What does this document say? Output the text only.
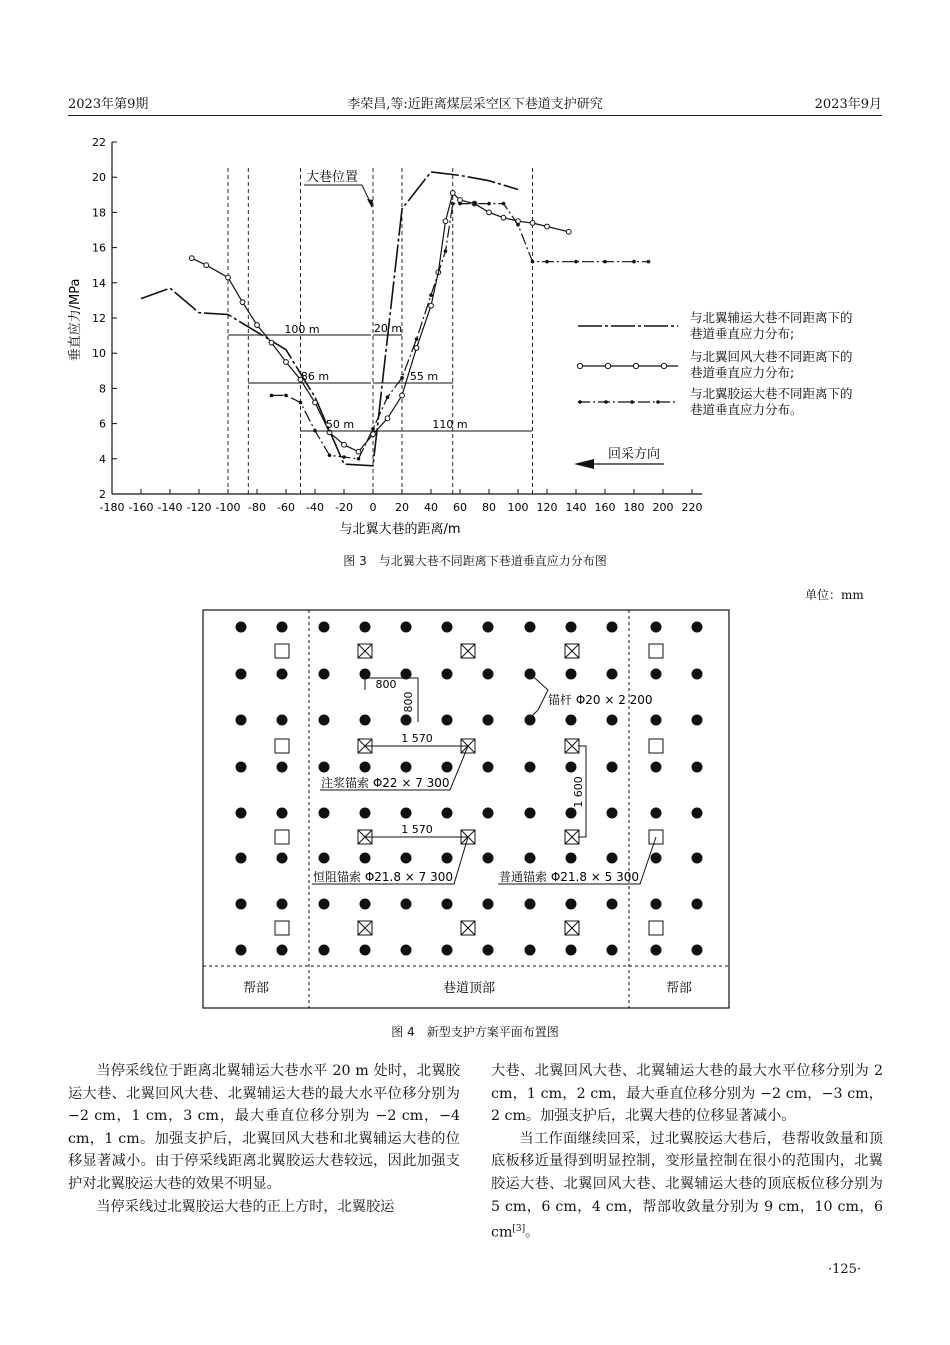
2023年第9期	李荣昌,等:近距离煤层采空区下巷道支护研究	2023年9月
2
4
6
8
10
12
14
16
18
20
22
-180 -160 -140 -120 -100 -80 -60 -40 -20 0 20 40 60 80 100 120 140 160 180 200 220
100 m	20 m
86 m	55 m
50 m	110 m
大巷位置
与北翼辅运大巷不同距离下的
巷道垂直应力分布;
与北翼回风大巷不同距离下的
巷道垂直应力分布;
与北翼胶运大巷不同距离下的
巷道垂直应力分布。
回采方向
与北翼大巷的距离/m
垂直应力/MPa
图 3　与北翼大巷不同距离下巷道垂直应力分布图
单位：mm
800
800
1 570
1 570
1 600
锚杆 Φ20 × 2 200
注浆锚索 Φ22 × 7 300
恒阻锚索 Φ21.8 × 7 300	普通锚索 Φ21.8 × 5 300
帮部	巷道顶部	帮部
图 4　新型支护方案平面布置图

当停采线位于距离北翼辅运大巷水平 20 m 处时，北翼胶运大巷、北翼回风大巷、北翼辅运大巷的最大水平位移分别为 −2 cm，1 cm，3 cm，最大垂直位移分别为 −2 cm，−4 cm，1 cm。加强支护后，北翼回风大巷和北翼辅运大巷的位移显著减小。由于停采线距离北翼胶运大巷较远，因此加强支护对北翼胶运大巷的效果不明显。

当停采线过北翼胶运大巷的正上方时，北翼胶运

大巷、北翼回风大巷、北翼辅运大巷的最大水平位移分别为 2 cm，1 cm，2 cm，最大垂直位移分别为 −2 cm，−3 cm，2 cm。加强支护后，北翼大巷的位移显著减小。

当工作面继续回采，过北翼胶运大巷后，巷帮收敛量和顶底板移近量得到明显控制，变形量控制在很小的范围内，北翼胶运大巷、北翼回风大巷、北翼辅运大巷的顶底板位移分别为 5 cm，6 cm，4 cm，帮部收敛量分别为 9 cm，10 cm，6 cm[3]。

·125·
